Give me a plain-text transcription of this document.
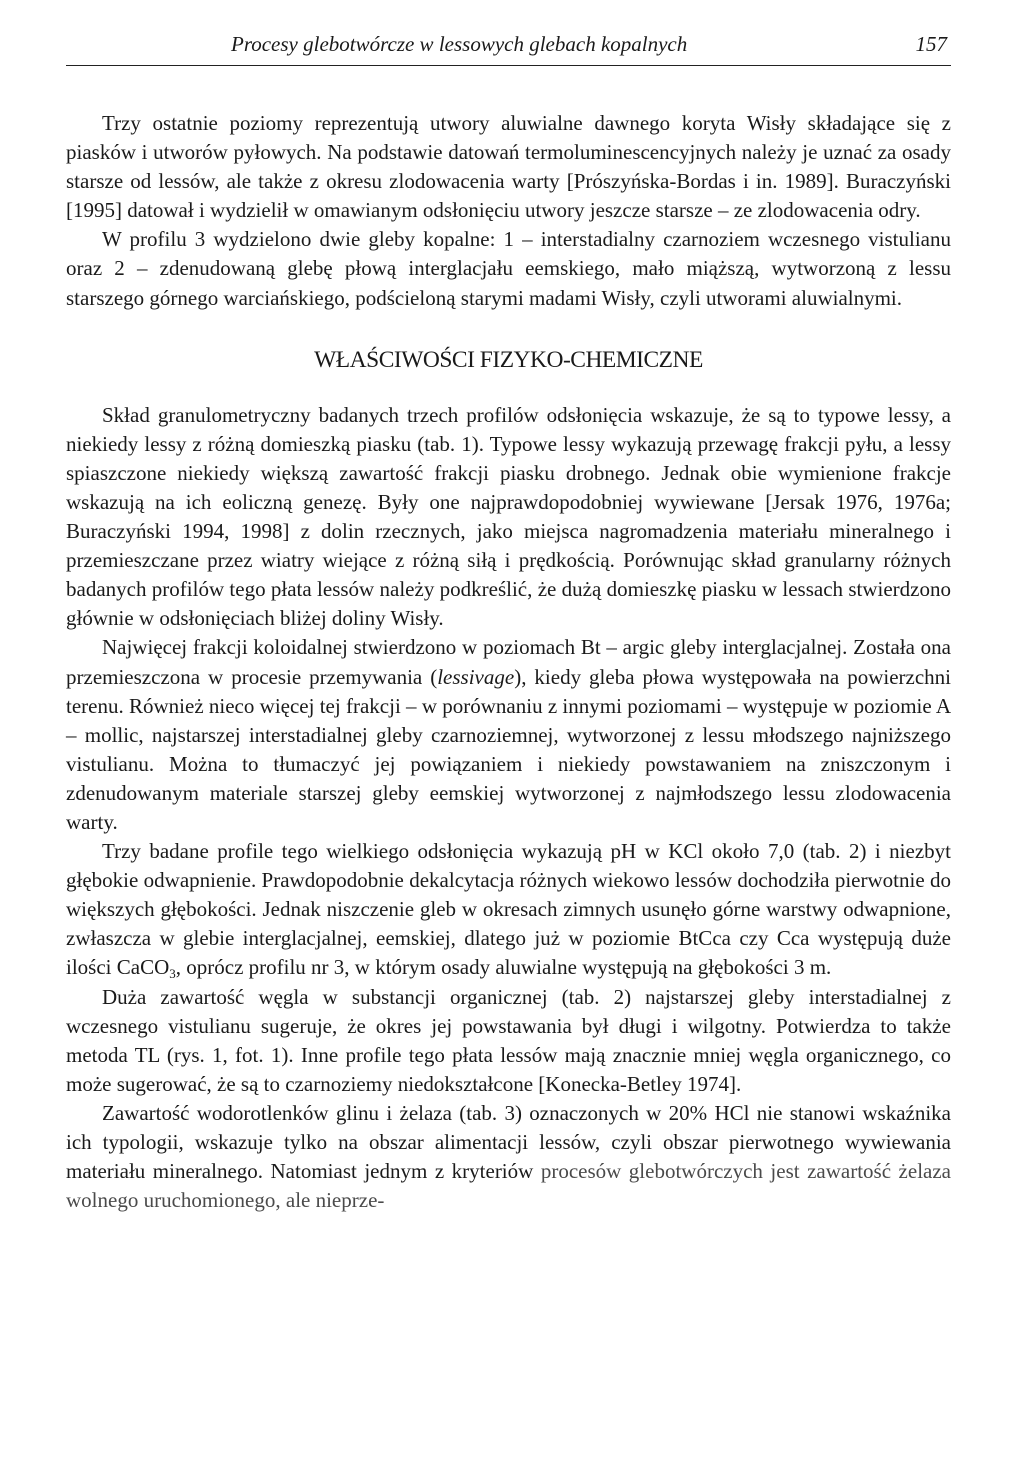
Procesy glebotwórcze w lessowych glebach kopalnych	157

Trzy ostatnie poziomy reprezentują utwory aluwialne dawnego koryta Wisły składające się z piasków i utworów pyłowych. Na podstawie datowań termoluminescencyjnych należy je uznać za osady starsze od lessów, ale także z okresu zlodowacenia warty [Prószyńska-Bordas i in. 1989]. Buraczyński [1995] datował i wydzielił w omawianym odsłonięciu utwory jeszcze starsze – ze zlodowacenia odry.

W profilu 3 wydzielono dwie gleby kopalne: 1 – interstadialny czarnoziem wczesnego vistulianu oraz 2 – zdenudowaną glebę płową interglacjału eemskiego, mało miąższą, wytworzoną z lessu starszego górnego warciańskiego, podścieloną starymi madami Wisły, czyli utworami aluwialnymi.

WŁAŚCIWOŚCI FIZYKO-CHEMICZNE

Skład granulometryczny badanych trzech profilów odsłonięcia wskazuje, że są to typowe lessy, a niekiedy lessy z różną domieszką piasku (tab. 1). Typowe lessy wykazują przewagę frakcji pyłu, a lessy spiaszczone niekiedy większą zawartość frakcji piasku drobnego. Jednak obie wymienione frakcje wskazują na ich eoliczną genezę. Były one najprawdopodobniej wywiewane [Jersak 1976, 1976a; Buraczyński 1994, 1998] z dolin rzecznych, jako miejsca nagromadzenia materiału mineralnego i przemieszczane przez wiatry wiejące z różną siłą i prędkością. Porównując skład granularny różnych badanych profilów tego płata lessów należy podkreślić, że dużą domieszkę piasku w lessach stwierdzono głównie w odsłonięciach bliżej doliny Wisły.

Najwięcej frakcji koloidalnej stwierdzono w poziomach Bt – argic gleby interglacjalnej. Została ona przemieszczona w procesie przemywania (lessivage), kiedy gleba płowa występowała na powierzchni terenu. Również nieco więcej tej frakcji – w porównaniu z innymi poziomami – występuje w poziomie A – mollic, najstarszej interstadialnej gleby czarnoziemnej, wytworzonej z lessu młodszego najniższego vistulianu. Można to tłumaczyć jej powiązaniem i niekiedy powstawaniem na zniszczonym i zdenudowanym materiale starszej gleby eemskiej wytworzonej z najmłodszego lessu zlodowacenia warty.

Trzy badane profile tego wielkiego odsłonięcia wykazują pH w KCl około 7,0 (tab. 2) i niezbyt głębokie odwapnienie. Prawdopodobnie dekalcytacja różnych wiekowo lessów dochodziła pierwotnie do większych głębokości. Jednak niszczenie gleb w okresach zimnych usunęło górne warstwy odwapnione, zwłaszcza w glebie interglacjalnej, eemskiej, dlatego już w poziomie BtCca czy Cca występują duże ilości CaCO$_3$, oprócz profilu nr 3, w którym osady aluwialne występują na głębokości 3 m.

Duża zawartość węgla w substancji organicznej (tab. 2) najstarszej gleby interstadialnej z wczesnego vistulianu sugeruje, że okres jej powstawania był długi i wilgotny. Potwierdza to także metoda TL (rys. 1, fot. 1). Inne profile tego płata lessów mają znacznie mniej węgla organicznego, co może sugerować, że są to czarnoziemy niedokształcone [Konecka-Betley 1974].

Zawartość wodorotlenków glinu i żelaza (tab. 3) oznaczonych w 20% HCl nie stanowi wskaźnika ich typologii, wskazuje tylko na obszar alimentacji lessów, czyli obszar pierwotnego wywiewania materiału mineralnego. Natomiast jednym z kryteriów procesów glebotwórczych jest zawartość żelaza wolnego uruchomionego, ale nieprze-
